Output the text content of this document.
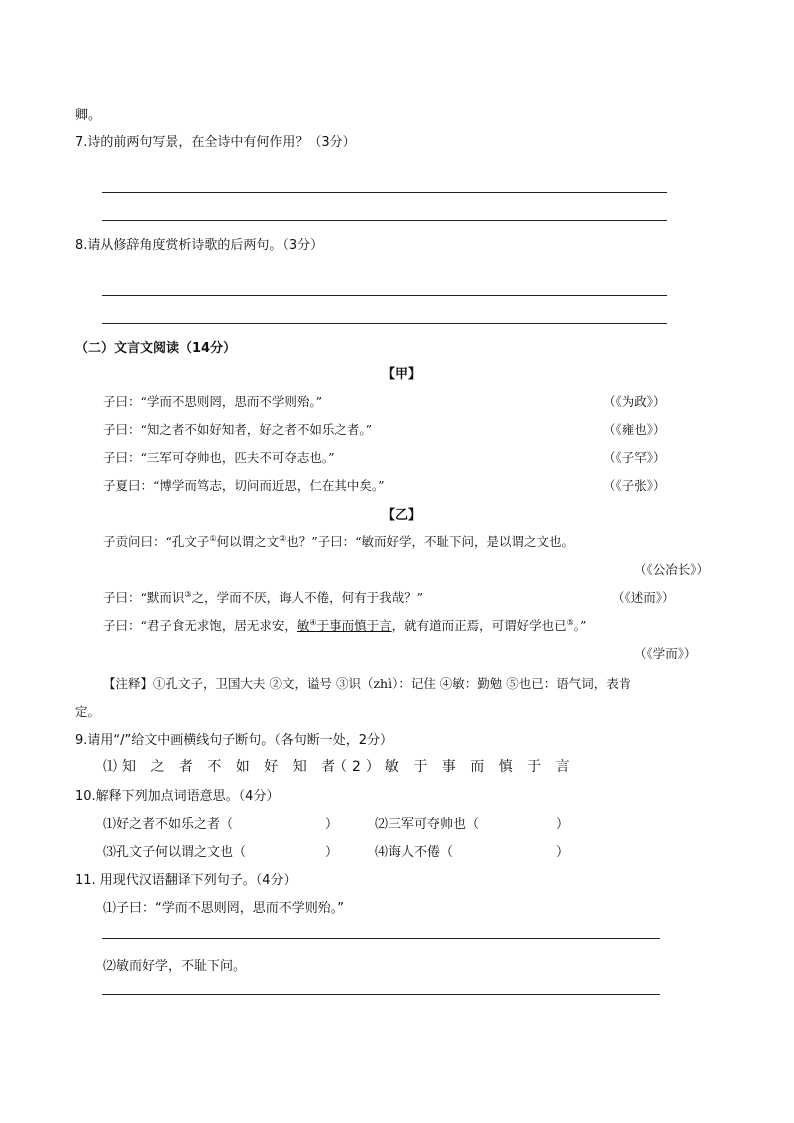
卿。
7.诗的前两句写景，在全诗中有何作用？（3分）
8.请从修辞角度赏析诗歌的后两句。（3分）
（二）文言文阅读（14分）
【甲】
子曰：“学而不思则罔，思而不学则殆。”	（《为政》）
子曰：“知之者不如好知者，好之者不如乐之者。”	（《雍也》）
子曰：“三军可夺帅也，匹夫不可夺志也。”	（《子罕》）
子夏曰：“博学而笃志，切问而近思，仁在其中矣。”	（《子张》）
【乙】
子贡问曰：“孔文子①何以谓之文②也？”子曰：“敏而好学，不耻下问，是以谓之文也。
（《公冶长》）
子曰：“默而识③之，学而不厌，诲人不倦，何有于我哉？”	（《述而》）
子曰：“君子食无求饱，居无求安，敏④于事而慎于言，就有道而正焉，可谓好学也已⑤。”
（《学而》）
【注释】①孔文子，卫国大夫 ②文，谥号 ③识（zhì）：记住 ④敏：勤勉 ⑤也已：语气词，表肯
定。
9.请用“/”给文中画横线句子断句。（各句断一处，2分）
⑴知 之 者 不 如 好 知 者
（2）敏 于 事 而 慎 于 言
10.解释下列加点词语意思。（4分）
⑴好之者不如乐之者（	）	⑵三军可夺帅也（	）
⑶孔文子何以谓之文也（	）	⑷诲人不倦（	）
11. 用现代汉语翻译下列句子。（4分）
⑴子曰：“学而不思则罔，思而不学则殆。”
⑵敏而好学，不耻下问。
